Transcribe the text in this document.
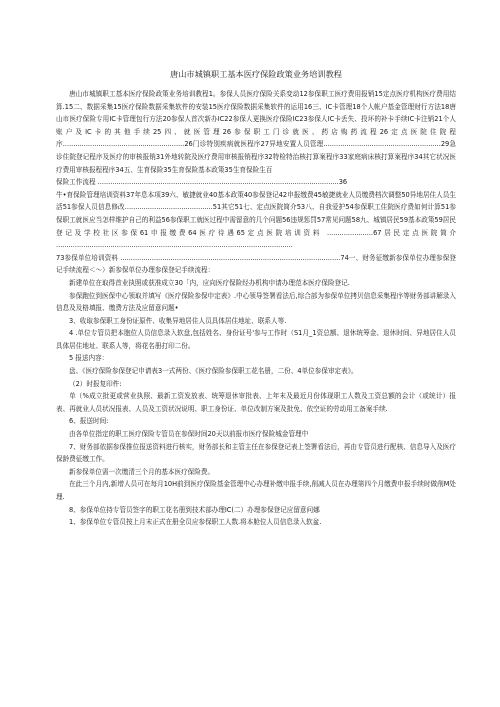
唐山市城镇职工基本医疗保险政策业务培训教程

唐山市城镇职工基本医疗保险政策业务培训教程1。参保人员医疗保险关系变动12参保职工医疗费用报销15定点医疗机构医疗费用结算.15二、数据采集15医疗保险数据采集软件的安装15医疗保险数据采集软件的运用16三、IC卡管理18个人帐户基金管理财行方法18唐山市医疗保险专用IC卡管理包行方法20参保人首次新办IC22参保人更换医疗保险IC23参保人IC卡丢失、投坏的补卡手续IC卡注销21个人账户及IC卡的其他手续25四、就医管理26参保职工门诊就医、药店购药流程26定点医院住院程序..........................................................26门诊特别疾病就医程序27异地安置人员管理........................................................29急诊住院登记程序及医疗的审核报销31外地转院及医疗费用审核报销程序32特检特治核打算案程序33家庭病床核打算案程序34其它状况医疗费用审核报程程序34五、生育保险35生育保险基本政策35生育保险生百

保险工作流程 ...................................................................................................................36

牛•育保险管理培训资料37年息本项39六、敏捷就业40基本政策40参保登记42申报缴费45敏捷就业人员缴费档次调整50异地居住人员生活51参保人员信息修改..........................................51其它51七、定点医院简介53八、自我爱护54参保职工住院医疗费如何计算51参保职工就医应当怎样维护自己的利益56参保职工就医过程中需留意的几个问题56违规惩罚57常见问题58九、城镇居民59基本政策59居民登记及学校社区参保61申报缴费64医疗待遇65定点医院培训资料 ......................67居民定点医院简介 .................................................................................................................

73参保单位培训资料 .........................................................................................................74一、财务征缴新参保单位办理参保登记手续流程＜～）新参保单位办理参保登记手续流程：

新建单位在取得首业执照或获准成立30「内，应向医疗保险经办机构申请办理范本医疗保险登记.

参保跑位到医保中心领取并填写《医疗保险参保申定表》.中心领导签署看法后,综合部为参保单位拷贝信息采集程序等财务部讲解录入信息及及格填报、缴费方法及应留意问题•

3、收取参保职工身份证原件、收集异地居住人员具体居住地址、联系人等.

4 .单位专管员把本胞位人员信息录入软盘,包括姓名、身份证号'参与工作时（S1月_1资总额、退休统筹金、退休时间、异地居住人员具体居住地址、联系人等，将花名册打印二份。

5 报送内容：

盘、《医疗保险参保登记申请表3一式两份、《医疗保险参保职工花名册，二份、4单位参保审定表》。

（2）时报复印件:

单（%成立批更或营业执照、最新工资发放表、统筹退休审批表、上年末及最近月份体现职工人数及工资总额的会计（或统计）报表、再就业人员状况报表、人员及工资状况说明、职工身份证、单位改制方案及批免、依空证的劳动用工备案手续.

6、报送时间:

由各单位指定的职工医疗保险专管员在参保时间20天以前报市医疗保险城金管理中

7、财务部依据参保推位报送资料进行核实，财务部长和主管主任在参保登记表上签署看法后，再由专管员进行配核、信息导入及医疗保龄费征缴工作。

新参保单位需一次缴清三个月的基本医疗保险费。

在此三个月内,新增人员可在每月10H前到医疗保险基金管理中心办理补缴申报手续,削减人员在办理第四个月缴费申报手续时做削M处理.

8、参保单位持专管员签字的职工花名册到技术部办理IC(二）办理参保登记应留意问娜

1、参保单位专管员按上月末正式在册全员应参保职工人数.将本舱位人员信息录入软盆.
